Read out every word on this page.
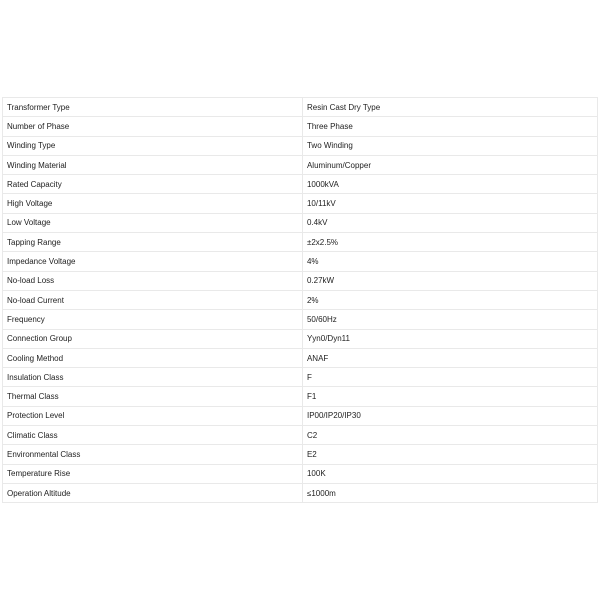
Transformer Type	Resin Cast Dry Type
Number of Phase	Three Phase
Winding Type	Two Winding
Winding Material	Aluminum/Copper
Rated Capacity	1000kVA
High Voltage	10/11kV
Low Voltage	0.4kV
Tapping Range	±2x2.5%
Impedance Voltage	4%
No-load Loss	0.27kW
No-load Current	2%
Frequency	50/60Hz
Connection Group	Yyn0/Dyn11
Cooling Method	ANAF
Insulation Class	F
Thermal Class	F1
Protection Level	IP00/IP20/IP30
Climatic Class	C2
Environmental Class	E2
Temperature Rise	100K
Operation Altitude	≤1000m
